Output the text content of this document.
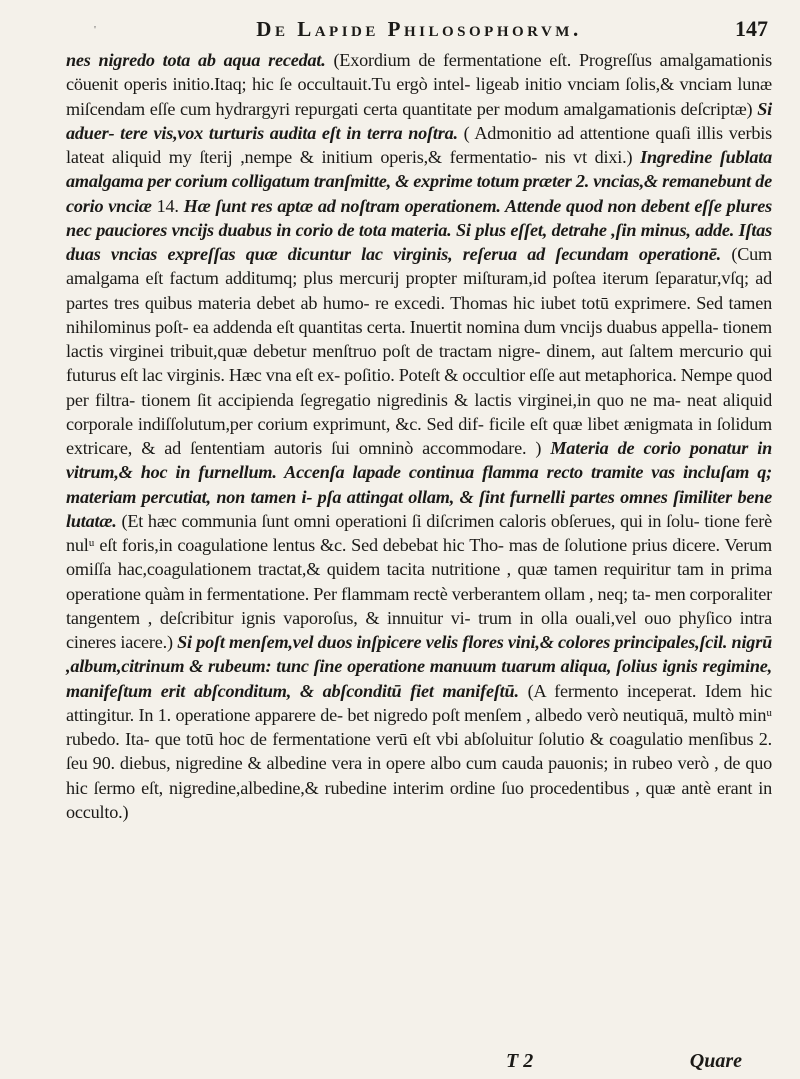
'	De Lapide Philosophorvm.	147

nes nigredo tota ab aqua recedat. (Exordium de fermentatione eſt. Progreſſus amalgamationis cöuenit operis initio.Itaq; hic ſe occultauit.Tu ergò intel- ligeab initio vnciam ſolis,& vnciam lunæ miſcendam eſſe cum hydrargyri repurgati certa quantitate per modum amalgamationis deſcriptæ) Si aduer- tere vis,vox turturis audita eſt in terra noſtra. ( Admonitio ad attentione quaſi illis verbis lateat aliquid my ſterij ,nempe & initium operis,& fermentatio- nis vt dixi.) Ingredine ſublata amalgama per corium colligatum tranſmitte, & exprime totum præter 2. vncias,& remanebunt de corio vnciæ 14. Hæ ſunt res aptæ ad noſtram operationem. Attende quod non debent eſſe plures nec pauciores vncijs duabus in corio de tota materia. Si plus eſſet, detrahe ,ſin minus, adde. Iſtas duas vncias expreſſas quæ dicuntur lac virginis, reſerua ad ſecundam operationē. (Cum amalgama eſt factum additumq; plus mercurij propter miſturam,id poſtea iterum ſeparatur,vſq; ad partes tres quibus materia debet ab humo- re excedi. Thomas hic iubet totū exprimere. Sed tamen nihilominus poſt- ea addenda eſt quantitas certa. Inuertit nomina dum vncijs duabus appella- tionem lactis virginei tribuit,quæ debetur menſtruo poſt de tractam nigre- dinem, aut ſaltem mercurio qui futurus eſt lac virginis. Hæc vna eſt ex- poſitio. Poteſt & occultior eſſe aut metaphorica. Nempe quod per filtra- tionem ſit accipienda ſegregatio nigredinis & lactis virginei,in quo ne ma- neat aliquid corporale indiſſolutum,per corium exprimunt, &c. Sed dif- ficile eſt quæ libet ænigmata in ſolidum extricare, & ad ſententiam autoris ſui omninò accommodare. ) Materia de corio ponatur in vitrum,& hoc in furnellum. Accenſa lapade continua flamma recto tramite vas incluſam q; materiam percutiat, non tamen i- pſa attingat ollam, & ſint furnelli partes omnes ſimiliter bene lutatæ. (Et hæc communia ſunt omni operationi ſi diſcrimen caloris obſerues, qui in ſolu- tione ferè nulᵘ eſt foris,in coagulatione lentus &c. Sed debebat hic Tho- mas de ſolutione prius dicere. Verum omiſſa hac,coagulationem tractat,& quidem tacita nutritione , quæ tamen requiritur tam in prima operatione quàm in fermentatione. Per flammam rectè verberantem ollam , neq; ta- men corporaliter tangentem , deſcribitur ignis vaporoſus, & innuitur vi- trum in olla ouali,vel ouo phyſico intra cineres iacere.) Si poſt menſem,vel duos inſpicere velis flores vini,& colores principales,ſcil. nigrū ,album,citrinum & rubeum: tunc ſine operatione manuum tuarum aliqua, ſolius ignis regimine, manifeſtum erit abſconditum, & abſconditū fiet manifeſtū. (A fermento inceperat. Idem hic attingitur. In 1. operatione apparere de- bet nigredo poſt menſem , albedo verò neutiquā, multò minᵘ rubedo. Ita- que totū hoc de fermentatione verū eſt vbi abſoluitur ſolutio & coagulatio menſibus 2. ſeu 90. diebus, nigredine & albedine vera in opere albo cum cauda pauonis; in rubeo verò , de quo hic ſermo eſt, nigredine,albedine,& rubedine interim ordine ſuo procedentibus , quæ antè erant in occulto.)

T 2	Quare
